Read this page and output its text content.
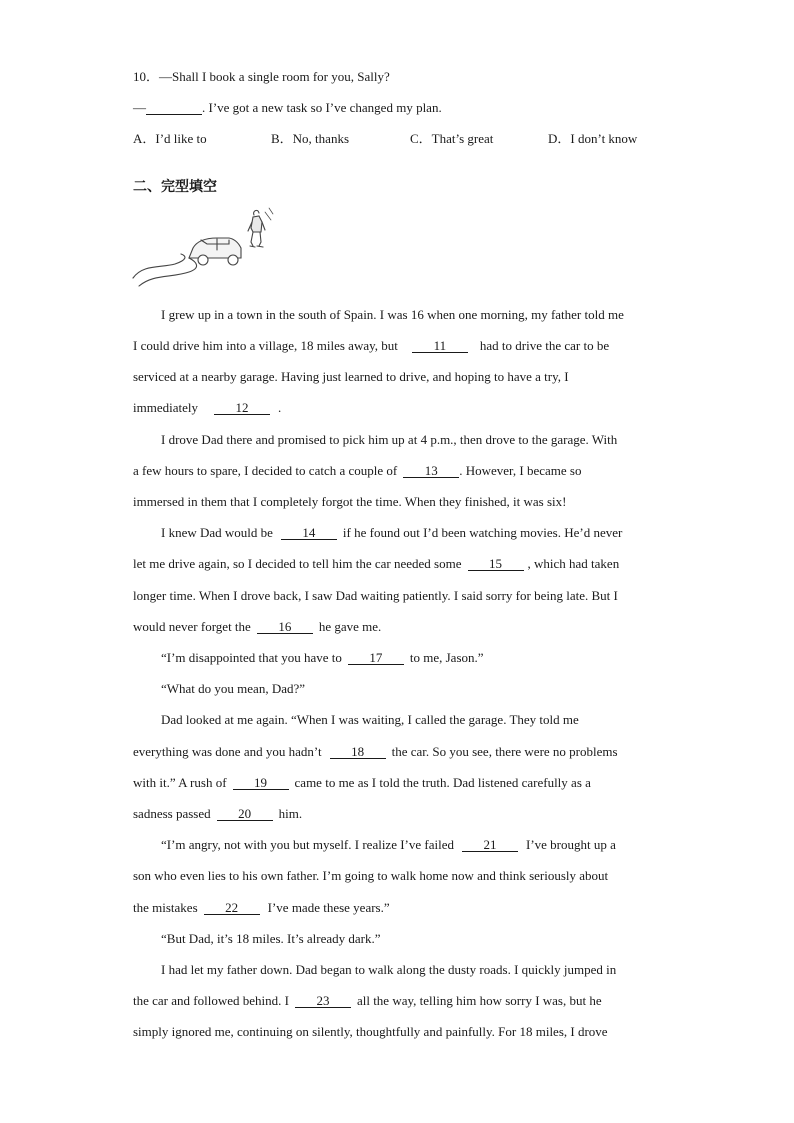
10．—Shall I book a single room for you, Sally?
—	. I’ve got a new task so I’ve changed my plan.
A．I’d like to	B．No, thanks	C．That’s great	D．I don’t know
二、完型填空
I grew up in a town in the south of Spain. I was 16 when one morning, my father told me
I could drive him into a village, 18 miles away, but	11	had to drive the car to be
serviced at a nearby garage. Having just learned to drive, and hoping to have a try, I
immediately	12 .
I drove Dad there and promised to pick him up at 4 p.m., then drove to the garage. With
a few hours to spare, I decided to catch a couple of 13 . However, I became so
immersed in them that I completely forgot the time. When they finished, it was six!
I knew Dad would be 14 if he found out I’d been watching movies. He’d never
let me drive again, so I decided to tell him the car needed some 15 , which had taken
longer time. When I drove back, I saw Dad waiting patiently. I said sorry for being late. But I
would never forget the 16 he gave me.
“I’m disappointed that you have to 17 to me, Jason.”
“What do you mean, Dad?”
Dad looked at me again. “When I was waiting, I called the garage. They told me
everything was done and you hadn’t 18 the car. So you see, there were no problems
with it.” A rush of 19 came to me as I told the truth. Dad listened carefully as a
sadness passed 20 him.
“I’m angry, not with you but myself. I realize I’ve failed 21 I’ve brought up a
son who even lies to his own father. I’m going to walk home now and think seriously about
the mistakes 22 I’ve made these years.”
“But Dad, it’s 18 miles. It’s already dark.”
I had let my father down. Dad began to walk along the dusty roads. I quickly jumped in
the car and followed behind. I 23 all the way, telling him how sorry I was, but he
simply ignored me, continuing on silently, thoughtfully and painfully. For 18 miles, I drove
